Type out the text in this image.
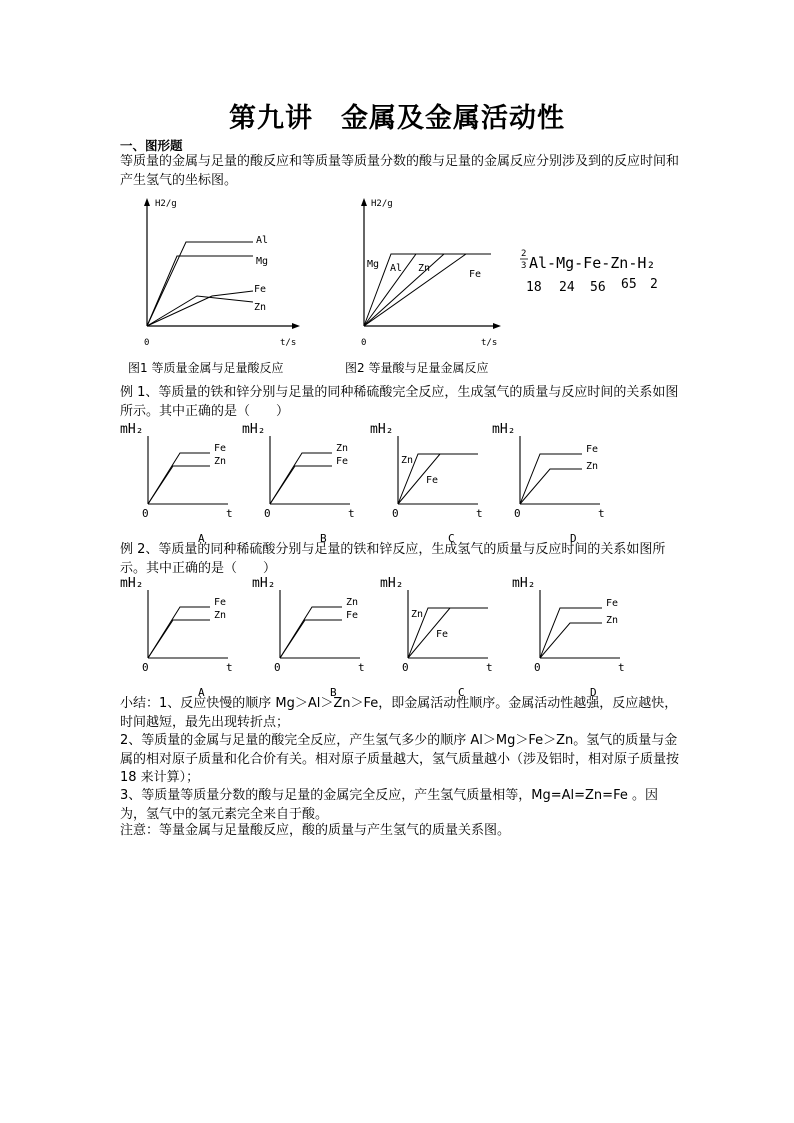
第九讲　金属及金属活动性
一、图形题
等质量的金属与足量的酸反应和等质量等质量分数的酸与足量的金属反应分别涉及到的反应时间和产生氢气的坐标图。
H2/g
t/s
0
Al
Mg
Fe
Zn
图1 等质量金属与足量酸反应
H2/g
t/s
0
Mg Al Zn
Fe
图2 等量酸与足量金属反应
2
3 Al-Mg-Fe-Zn-H₂
18 24 56 65 2
例 1、等质量的铁和锌分别与足量的同种稀硫酸完全反应，生成氢气的质量与反应时间的关系如图所示。其中正确的是（　　）
mH₂
t
0
A
Fe
Zn
mH₂
t
0
B
Zn
Fe
mH₂
t
0
C
Zn
Fe
mH₂
t
0
D
Fe
Zn
例 2、等质量的同种稀硫酸分别与足量的铁和锌反应，生成氢气的质量与反应时间的关系如图所示。其中正确的是（　　）
mH₂
t
0
A
Fe
Zn
mH₂
t
0
B
Zn
Fe
mH₂
t
0
C
Zn
Fe
mH₂
t
0
D
Fe
Zn
小结：1、反应快慢的顺序 Mg＞Al＞Zn＞Fe，即金属活动性顺序。金属活动性越强，反应越快，时间越短，最先出现转折点；
2、等质量的金属与足量的酸完全反应，产生氢气多少的顺序 Al＞Mg＞Fe＞Zn。氢气的质量与金属的相对原子质量和化合价有关。相对原子质量越大，氢气质量越小（涉及铝时，相对原子质量按 18 来计算）；
3、等质量等质量分数的酸与足量的金属完全反应，产生氢气质量相等，Mg=Al=Zn=Fe 。因为，氢气中的氢元素完全来自于酸。
注意：等量金属与足量酸反应，酸的质量与产生氢气的质量关系图。
